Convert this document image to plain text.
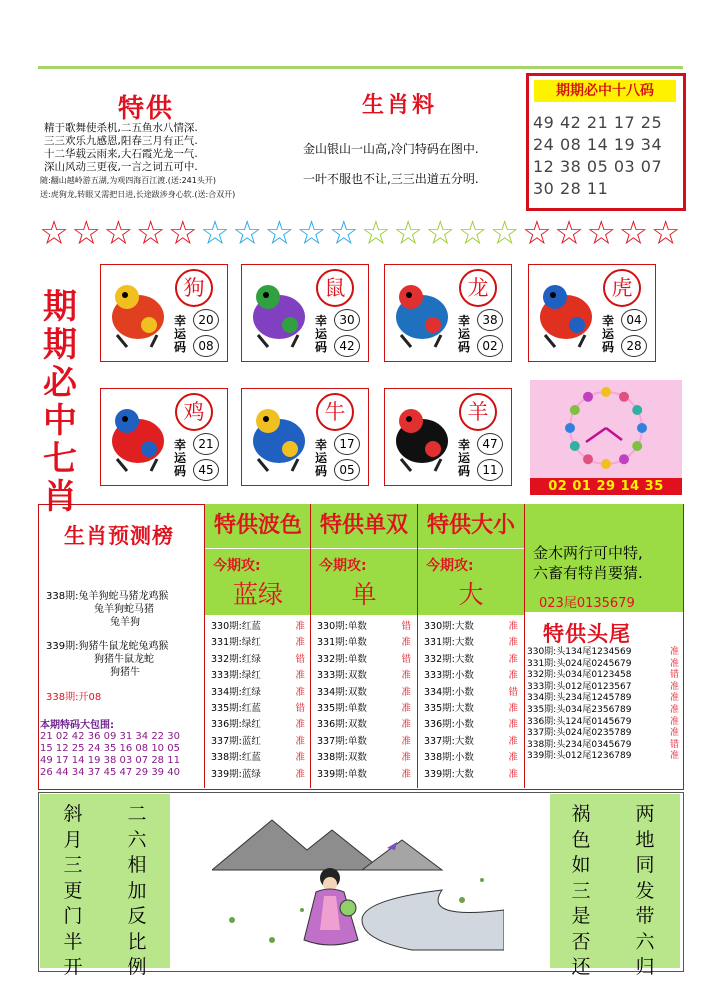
特供
精于歌舞使杀机,二五鱼水八情深.
三三欢乐九感恩,阳春三月有正气.
十二华载云雨来,大石霞光龙一气.
深山风动三更夜,一言之词五可中.
随:翻山越岭游五湖,为观四海百江渡.(送:241头开)
送:虎狗龙,转眼又需把日进,长途跋涉身心软.(送:合双开)
生肖料
金山银山一山高,冷门特码在图中.
一叶不服也不让,三三出道五分明.
期期必中十八码
49 42 21 17 25
24 08 14 19 34
12 38 05 03 07
30 28 11
☆☆☆☆☆☆☆☆☆☆☆☆☆☆☆☆☆☆☆☆
期
期
必
中
七
肖
狗
幸运码
20
08
鼠
幸运码
30
42
龙
幸运码
38
02
虎
幸运码
04
28
鸡
幸运码
21
45
牛
幸运码
17
05
羊
幸运码
47
11
02 01 29 14 35
生肖预测榜
338期:兔羊狗蛇马猪龙鸡猴
兔羊狗蛇马猪
兔羊狗
339期:狗猪牛鼠龙蛇兔鸡猴
狗猪牛鼠龙蛇
狗猪牛
338期:开08
本期特码大包围:
21 02 42 36 09 31 34 22 30
15 12 25 24 35 16 08 10 05
49 17 14 19 38 03 07 28 11
26 44 34 37 45 47 29 39 40
特供波色
今期攻:
蓝绿
330期:红蓝	准
331期:绿红	准
332期:红绿	错
333期:绿红	准
334期:红绿	准
335期:红蓝	错
336期:绿红	准
337期:蓝红	准
338期:红蓝	准
339期:蓝绿	准
特供单双
今期攻:
单
330期:单数	错
331期:单数	准
332期:单数	错
333期:双数	准
334期:双数	准
335期:单数	准
336期:双数	准
337期:单数	准
338期:双数	准
339期:单数	准
特供大小
今期攻:
大
330期:大数	准
331期:大数	准
332期:大数	准
333期:小数	准
334期:小数	错
335期:大数	准
336期:小数	准
337期:大数	准
338期:小数	准
339期:大数	准
金木两行可中特,
六畜有特肖要猜.
023尾0135679
特供头尾
330期:头134尾1234569	准
331期:头024尾0245679	准
332期:头034尾0123458	错
333期:头012尾0123567	准
334期:头234尾1245789	准
335期:头034尾2356789	准
336期:头124尾0145679	准
337期:头024尾0235789	准
338期:头234尾0345679	错
339期:头012尾1236789	准
斜
月
三
更
门
半
开
二
六
相
加
反
比
例
祸
色
如
三
是
否
还
两
地
同
发
带
六
归
